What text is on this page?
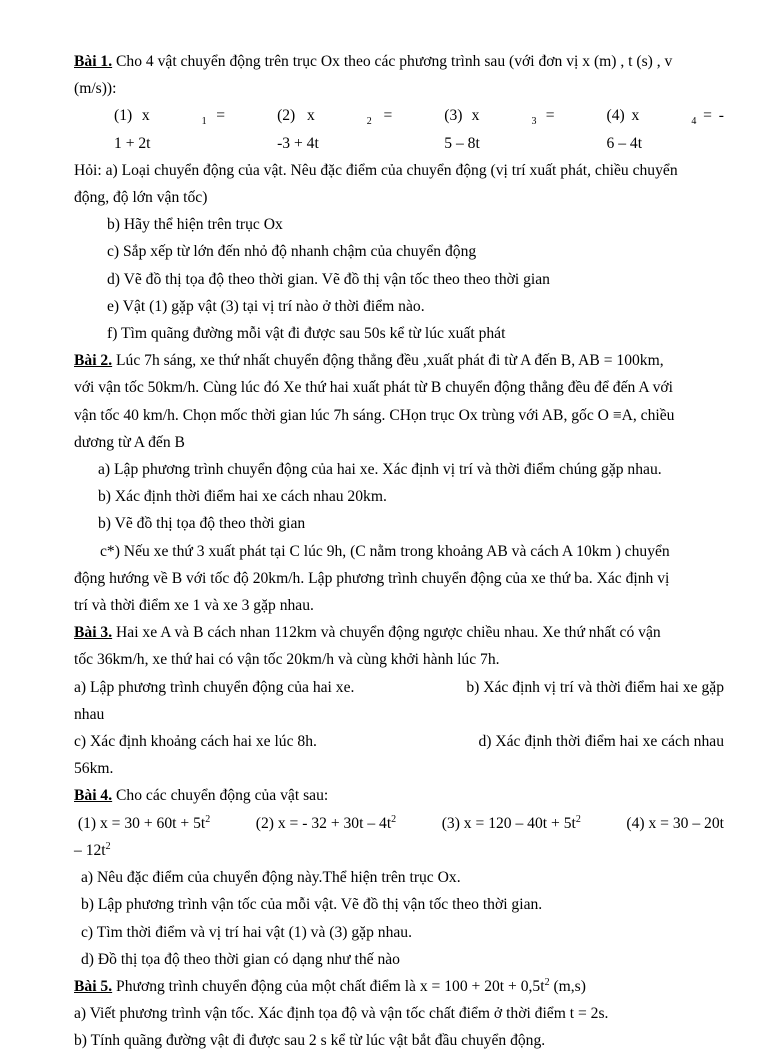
Bài 1. Cho 4 vật chuyển động trên trục Ox theo các phương trình sau (với đơn vị x (m) , t (s) , v

(m/s)):

(1) x	$_1$ = 1 + 2t
(2) x	$_2$ = -3 + 4t
(3) x	$_3$ = 5 – 8t
(4) x	$_4$ = - 6 – 4t

Hỏi: a) Loại chuyển động của vật. Nêu đặc điểm của chuyển động (vị trí xuất phát, chiều chuyển

động, độ lớn vận tốc)

b) Hãy thể hiện trên trục Ox

c) Sắp xếp từ lớn đến nhỏ độ nhanh chậm của chuyển động

d) Vẽ đồ thị tọa độ theo thời gian. Vẽ đồ thị vận tốc theo theo thời gian

e) Vật (1) gặp vật (3) tại vị trí nào ở thời điểm nào.

f) Tìm quãng đường mỗi vật đi được sau 50s kể từ lúc xuất phát

Bài 2. Lúc 7h sáng, xe thứ nhất chuyển động thẳng đều ,xuất phát đi từ A đến B, AB = 100km,

với vận tốc 50km/h. Cùng lúc đó Xe thứ hai xuất phát từ B chuyển động thẳng đều để đến A với

vận tốc 40 km/h. Chọn mốc thời gian lúc 7h sáng. CHọn trục Ox trùng với AB, gốc O ≡A, chiều

dương từ A đến B

a) Lập phương trình chuyển động của hai xe. Xác định vị trí và thời điểm chúng gặp nhau.

b) Xác định thời điểm hai xe cách nhau 20km.

b) Vẽ đồ thị tọa độ theo thời gian

c*) Nếu xe thứ 3 xuất phát tại C lúc 9h, (C nằm trong khoảng AB và cách A 10km ) chuyển

động hướng về B với tốc độ 20km/h. Lập phương trình chuyển động của xe thứ ba. Xác định vị

trí và thời điểm xe 1 và xe 3 gặp nhau.

Bài 3. Hai xe A và B cách nhan 112km và chuyển động ngược chiều nhau. Xe thứ nhất có vận

tốc 36km/h, xe thứ hai có vận tốc 20km/h và cùng khởi hành lúc 7h.

a) Lập phương trình chuyển động của hai xe.	b) Xác định vị trí và thời điểm hai xe gặp

nhau

c) Xác định khoảng cách hai xe lúc 8h.	d) Xác định thời điểm hai xe cách nhau

56km.

Bài 4. Cho các chuyển động của vật sau:

(1) $x = 30 + 60t + 5t^2$	(2) x = - $32 + 30t - 4t^2$	(3) $x = 120 - 40t + 5t^2$	(4) x = 30 – 20t

– $12t^2$

a) Nêu đặc điểm của chuyển động này.Thể hiện trên trục Ox.

b) Lập phương trình vận tốc của mỗi vật. Vẽ đồ thị vận tốc theo thời gian.

c) Tìm thời điểm và vị trí hai vật (1) và (3) gặp nhau.

d) Đồ thị tọa độ theo thời gian có dạng như thế nào

Bài 5. Phương trình chuyển động của một chất điểm là $x = 100 + 20t + 0,5t^2$ (m,s)

a) Viết phương trình vận tốc. Xác định tọa độ và vận tốc chất điểm ở thời điểm t = 2s.

b) Tính quãng đường vật đi được sau 2 s kể từ lúc vật bắt đầu chuyển động.
